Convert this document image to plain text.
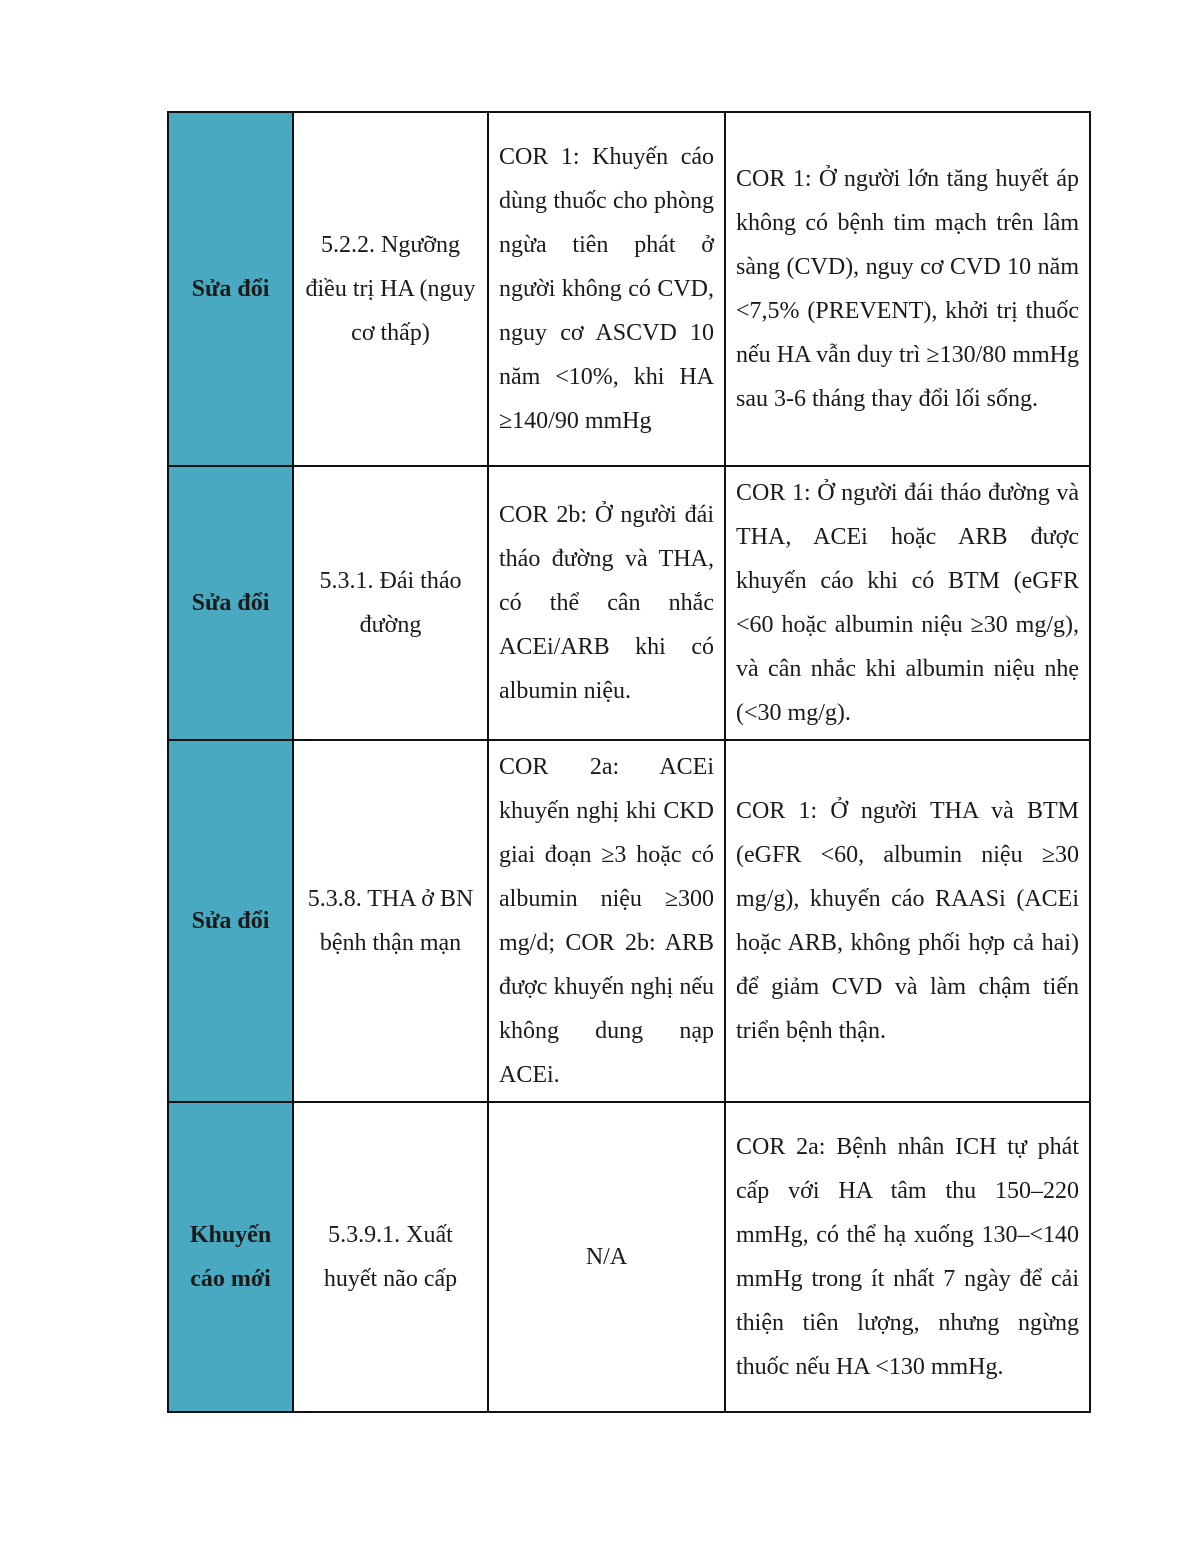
Sửa đổi	5.2.2. Ngưỡng điều trị HA (nguy cơ thấp)	COR 1: Khuyến cáo dùng thuốc cho phòng ngừa tiên phát ở người không có CVD, nguy cơ ASCVD 10 năm <10%, khi HA ≥140/90 mmHg	COR 1: Ở người lớn tăng huyết áp không có bệnh tim mạch trên lâm sàng (CVD), nguy cơ CVD 10 năm <7,5% (PREVENT), khởi trị thuốc nếu HA vẫn duy trì ≥130/80 mmHg sau 3-6 tháng thay đổi lối sống.
Sửa đổi	5.3.1. Đái tháo đường	COR 2b: Ở người đái tháo đường và THA, có thể cân nhắc ACEi/ARB khi có albumin niệu.	COR 1: Ở người đái tháo đường và THA, ACEi hoặc ARB được khuyến cáo khi có BTM (eGFR <60 hoặc albumin niệu ≥30 mg/g), và cân nhắc khi albumin niệu nhẹ (<30 mg/g).
Sửa đổi	5.3.8. THA ở BN bệnh thận mạn	COR 2a: ACEi khuyến nghị khi CKD giai đoạn ≥3 hoặc có albumin niệu ≥300 mg/d; COR 2b: ARB được khuyến nghị nếu không dung nạp ACEi.	COR 1: Ở người THA và BTM (eGFR <60, albumin niệu ≥30 mg/g), khuyến cáo RAASi (ACEi hoặc ARB, không phối hợp cả hai) để giảm CVD và làm chậm tiến triển bệnh thận.
Khuyến cáo mới	5.3.9.1. Xuất huyết não cấp	N/A	COR 2a: Bệnh nhân ICH tự phát cấp với HA tâm thu 150–220 mmHg, có thể hạ xuống 130–<140 mmHg trong ít nhất 7 ngày để cải thiện tiên lượng, nhưng ngừng thuốc nếu HA <130 mmHg.
